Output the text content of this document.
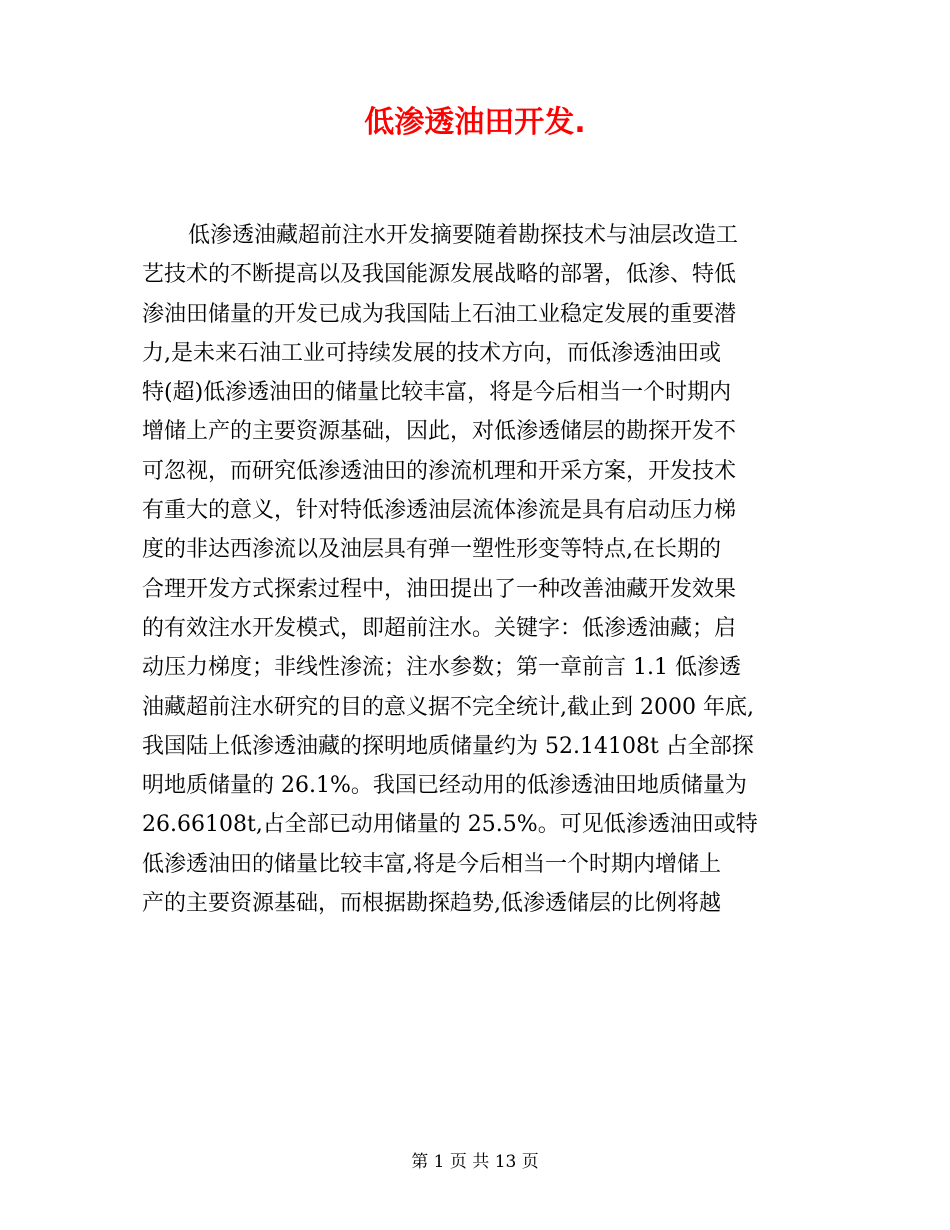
低渗透油田开发.
低渗透油藏超前注水开发摘要随着勘探技术与油层改造工
艺技术的不断提高以及我国能源发展战略的部署，低渗、特低
渗油田储量的开发已成为我国陆上石油工业稳定发展的重要潜
力,是未来石油工业可持续发展的技术方向，而低渗透油田或
特(超)低渗透油田的储量比较丰富，将是今后相当一个时期内
增储上产的主要资源基础，因此，对低渗透储层的勘探开发不
可忽视，而研究低渗透油田的渗流机理和开采方案，开发技术
有重大的意义，针对特低渗透油层流体渗流是具有启动压力梯
度的非达西渗流以及油层具有弹一塑性形变等特点,在长期的
合理开发方式探索过程中，油田提出了一种改善油藏开发效果
的有效注水开发模式，即超前注水。关键字：低渗透油藏；启
动压力梯度；非线性渗流；注水参数；第一章前言 1.1 低渗透
油藏超前注水研究的目的意义据不完全统计,截止到 2000 年底,
我国陆上低渗透油藏的探明地质储量约为 52.14108t 占全部探
明地质储量的 26.1%。我国已经动用的低渗透油田地质储量为
26.66108t,占全部已动用储量的 25.5%。可见低渗透油田或特
低渗透油田的储量比较丰富,将是今后相当一个时期内增储上
产的主要资源基础，而根据勘探趋势,低渗透储层的比例将越
第 1 页 共 13 页
